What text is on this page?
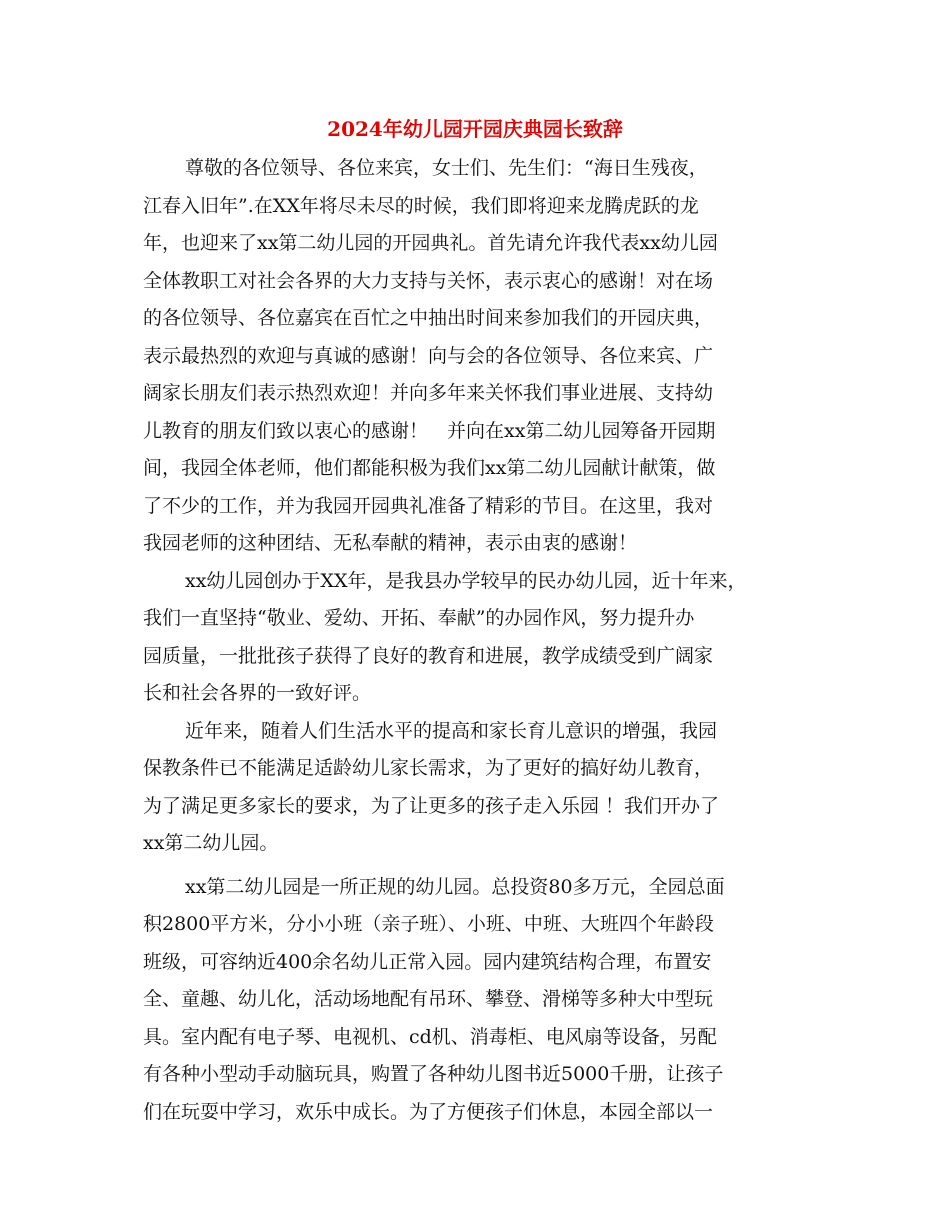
2024年幼儿园开园庆典园长致辞

尊敬的各位领导、各位来宾，女士们、先生们：“海日生残夜，

江春入旧年”.在XX年将尽未尽的时候，我们即将迎来龙腾虎跃的龙

年，也迎来了xx第二幼儿园的开园典礼。首先请允许我代表xx幼儿园

全体教职工对社会各界的大力支持与关怀，表示衷心的感谢！对在场

的各位领导、各位嘉宾在百忙之中抽出时间来参加我们的开园庆典，

表示最热烈的欢迎与真诚的感谢！向与会的各位领导、各位来宾、广

阔家长朋友们表示热烈欢迎！并向多年来关怀我们事业进展、支持幼

儿教育的朋友们致以衷心的感谢！　并向在xx第二幼儿园筹备开园期

间，我园全体老师，他们都能积极为我们xx第二幼儿园献计献策，做

了不少的工作，并为我园开园典礼准备了精彩的节目。在这里，我对

我园老师的这种团结、无私奉献的精神，表示由衷的感谢！

xx幼儿园创办于XX年，是我县办学较早的民办幼儿园，近十年来，

我们一直坚持“敬业、爱幼、开拓、奉献”的办园作风，努力提升办

园质量，一批批孩子获得了良好的教育和进展，教学成绩受到广阔家

长和社会各界的一致好评。

近年来，随着人们生活水平的提高和家长育儿意识的增强，我园

保教条件已不能满足适龄幼儿家长需求，为了更好的搞好幼儿教育，

为了满足更多家长的要求，为了让更多的孩子走入乐园 ！我们开办了

xx第二幼儿园。

xx第二幼儿园是一所正规的幼儿园。总投资80多万元，全园总面

积2800平方米，分小小班（亲子班）、小班、中班、大班四个年龄段

班级，可容纳近400余名幼儿正常入园。园内建筑结构合理，布置安

全、童趣、幼儿化，活动场地配有吊环、攀登、滑梯等多种大中型玩

具。室内配有电子琴、电视机、cd机、消毒柜、电风扇等设备，另配

有各种小型动手动脑玩具，购置了各种幼儿图书近5000千册，让孩子

们在玩耍中学习，欢乐中成长。为了方便孩子们休息，本园全部以一
